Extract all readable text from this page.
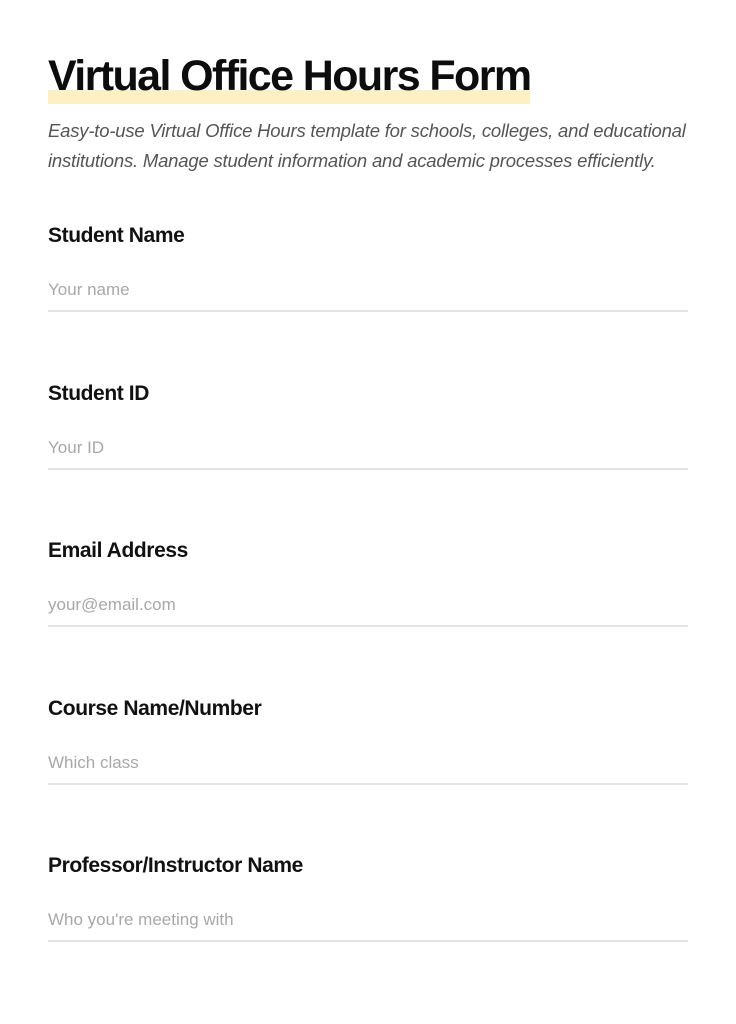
Virtual Office Hours Form

Easy-to-use Virtual Office Hours template for schools, colleges, and educational institutions. Manage student information and academic processes efficiently.

Student Name
Your name
Student ID
Your ID
Email Address
your@email.com
Course Name/Number
Which class
Professor/Instructor Name
Who you're meeting with
